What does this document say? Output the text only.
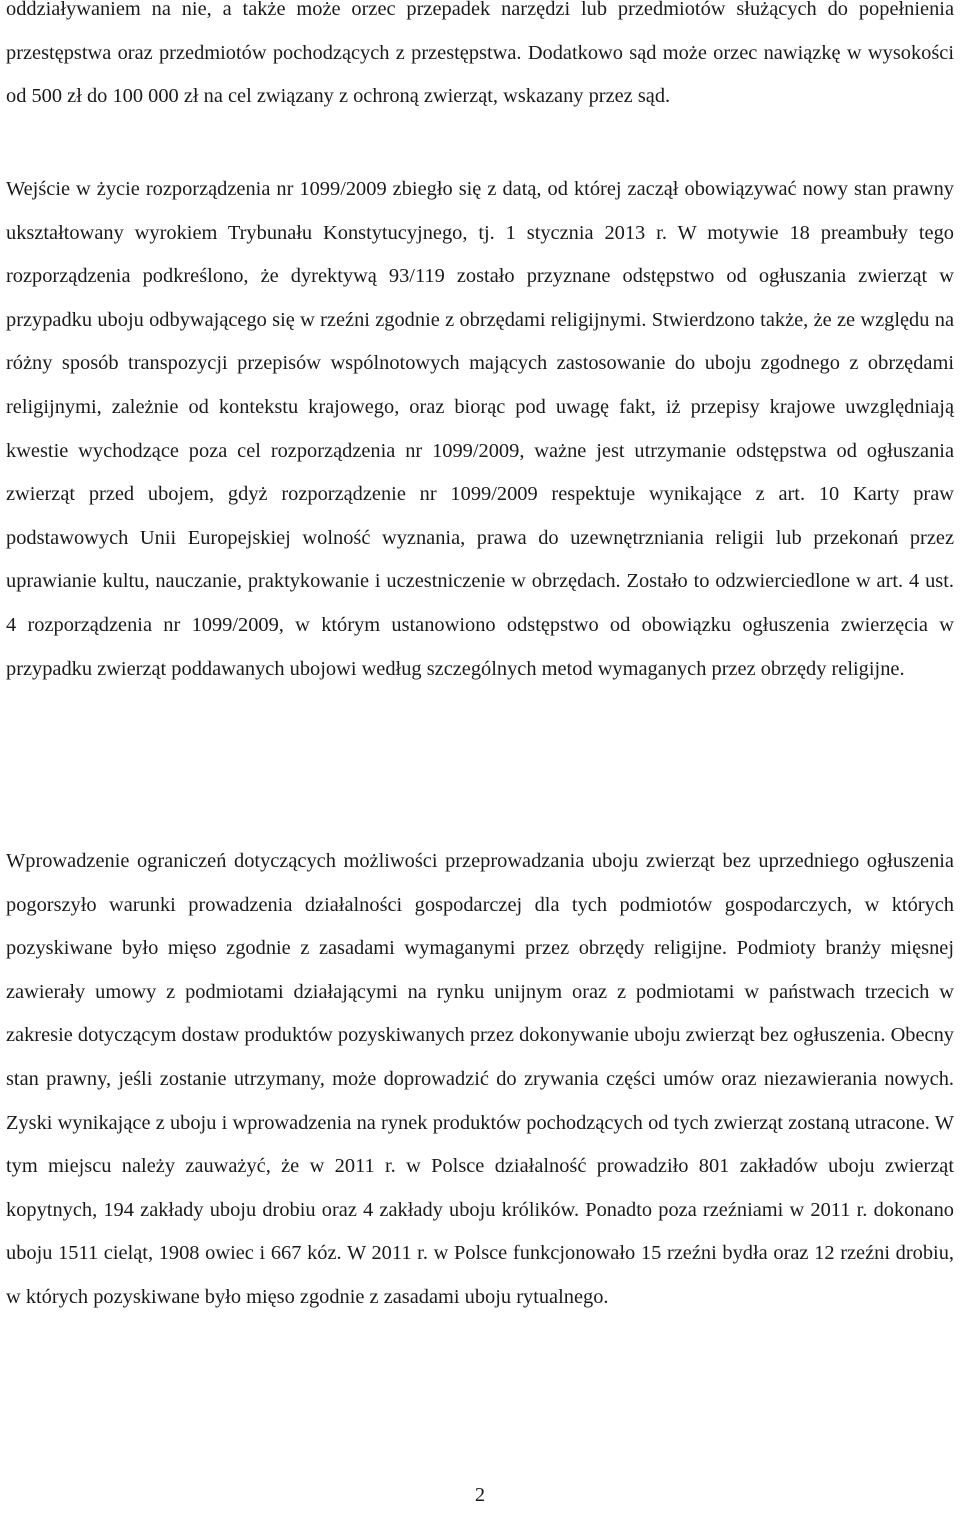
oddziaływaniem na nie, a także może orzec przepadek narzędzi lub przedmiotów służących do popełnienia przestępstwa oraz przedmiotów pochodzących z przestępstwa. Dodatkowo sąd może orzec nawiązkę w wysokości od 500 zł do 100 000 zł na cel związany z ochroną zwierząt, wskazany przez sąd.

Wejście w życie rozporządzenia nr 1099/2009 zbiegło się z datą, od której zaczął obowiązywać nowy stan prawny ukształtowany wyrokiem Trybunału Konstytucyjnego, tj. 1 stycznia 2013 r. W motywie 18 preambuły tego rozporządzenia podkreślono, że dyrektywą 93/119 zostało przyznane odstępstwo od ogłuszania zwierząt w przypadku uboju odbywającego się w rzeźni zgodnie z obrzędami religijnymi. Stwierdzono także, że ze względu na różny sposób transpozycji przepisów wspólnotowych mających zastosowanie do uboju zgodnego z obrzędami religijnymi, zależnie od kontekstu krajowego, oraz biorąc pod uwagę fakt, iż przepisy krajowe uwzględniają kwestie wychodzące poza cel rozporządzenia nr 1099/2009, ważne jest utrzymanie odstępstwa od ogłuszania zwierząt przed ubojem, gdyż rozporządzenie nr 1099/2009 respektuje wynikające z art. 10 Karty praw podstawowych Unii Europejskiej wolność wyznania, prawa do uzewnętrzniania religii lub przekonań przez uprawianie kultu, nauczanie, praktykowanie i uczestniczenie w obrzędach. Zostało to odzwierciedlone w art. 4 ust. 4 rozporządzenia nr 1099/2009, w którym ustanowiono odstępstwo od obowiązku ogłuszenia zwierzęcia w przypadku zwierząt poddawanych ubojowi według szczególnych metod wymaganych przez obrzędy religijne.

Wprowadzenie ograniczeń dotyczących możliwości przeprowadzania uboju zwierząt bez uprzedniego ogłuszenia pogorszyło warunki prowadzenia działalności gospodarczej dla tych podmiotów gospodarczych, w których pozyskiwane było mięso zgodnie z zasadami wymaganymi przez obrzędy religijne. Podmioty branży mięsnej zawierały umowy z podmiotami działającymi na rynku unijnym oraz z podmiotami w państwach trzecich w zakresie dotyczącym dostaw produktów pozyskiwanych przez dokonywanie uboju zwierząt bez ogłuszenia. Obecny stan prawny, jeśli zostanie utrzymany, może doprowadzić do zrywania części umów oraz niezawierania nowych. Zyski wynikające z uboju i wprowadzenia na rynek produktów pochodzących od tych zwierząt zostaną utracone. W tym miejscu należy zauważyć, że w 2011 r. w Polsce działalność prowadziło 801 zakładów uboju zwierząt kopytnych, 194 zakłady uboju drobiu oraz 4 zakłady uboju królików. Ponadto poza rzeźniami w 2011 r. dokonano uboju 1511 cieląt, 1908 owiec i 667 kóz. W 2011 r. w Polsce funkcjonowało 15 rzeźni bydła oraz 12 rzeźni drobiu, w których pozyskiwane było mięso zgodnie z zasadami uboju rytualnego.

2
